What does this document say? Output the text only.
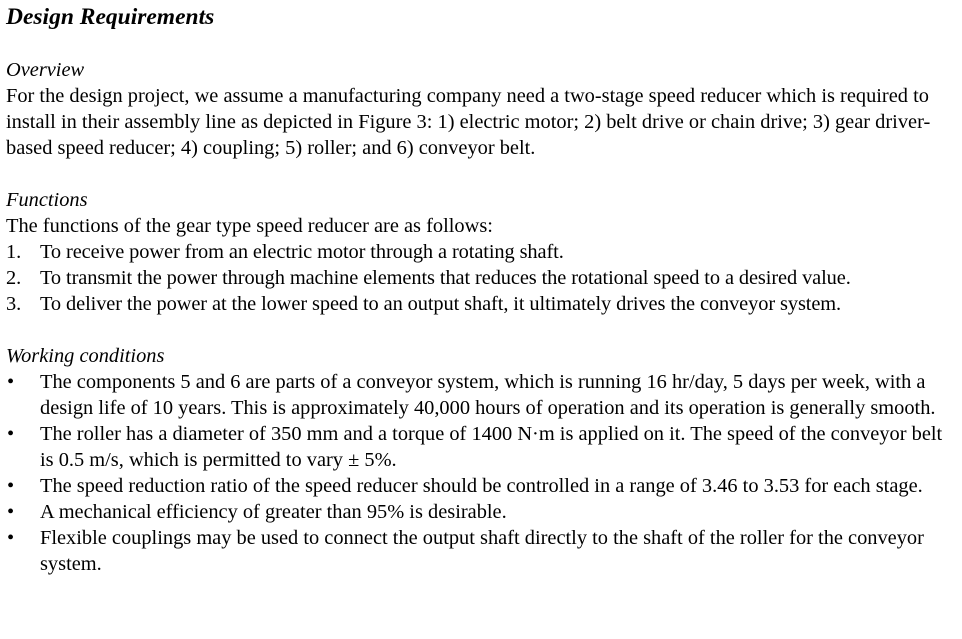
Design Requirements

Overview

For the design project, we assume a manufacturing company need a two-stage speed reducer which is required to install in their assembly line as depicted in Figure 3: 1) electric motor; 2) belt drive or chain drive; 3) gear driver-based speed reducer; 4) coupling; 5) roller; and 6) conveyor belt.

Functions

The functions of the gear type speed reducer are as follows:

1. To receive power from an electric motor through a rotating shaft.
2. To transmit the power through machine elements that reduces the rotational speed to a desired value.
3. To deliver the power at the lower speed to an output shaft, it ultimately drives the conveyor system.

Working conditions

• The components 5 and 6 are parts of a conveyor system, which is running 16 hr/day, 5 days per week, with a design life of 10 years. This is approximately 40,000 hours of operation and its operation is generally smooth.
• The roller has a diameter of 350 mm and a torque of 1400 N·m is applied on it. The speed of the conveyor belt is 0.5 m/s, which is permitted to vary ± 5%.
• The speed reduction ratio of the speed reducer should be controlled in a range of 3.46 to 3.53 for each stage.
• A mechanical efficiency of greater than 95% is desirable.
• Flexible couplings may be used to connect the output shaft directly to the shaft of the roller for the conveyor system.
